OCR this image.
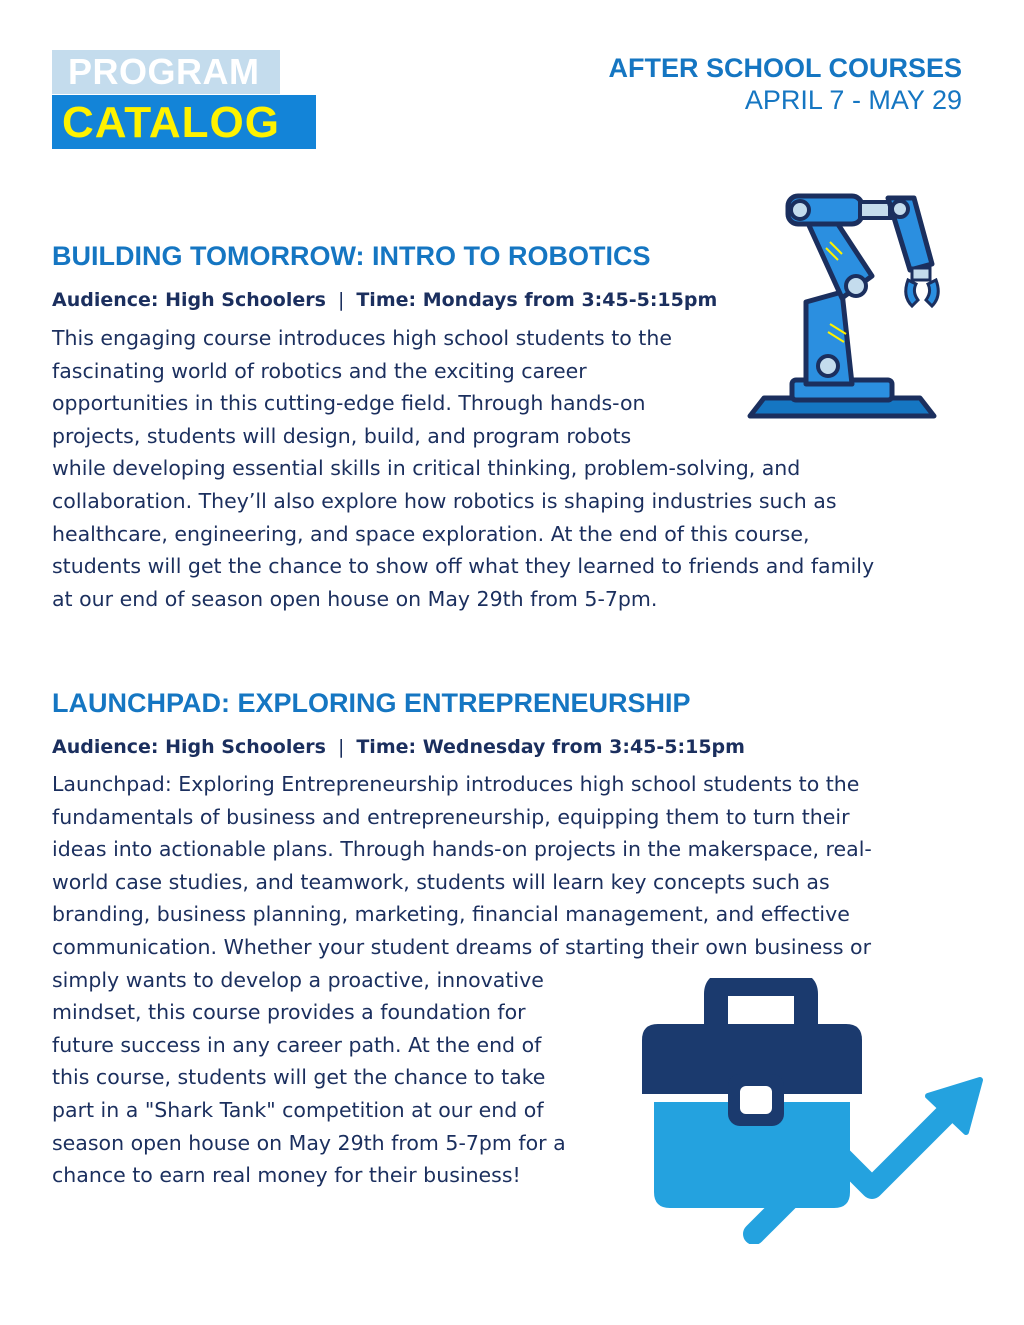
PROGRAM
CATALOG
AFTER SCHOOL COURSES
APRIL 7 - MAY 29
BUILDING TOMORROW: INTRO TO ROBOTICS

Audience: High Schoolers | Time: Mondays from 3:45-5:15pm

This engaging course introduces high school students to the
fascinating world of robotics and the exciting career
opportunities in this cutting-edge field. Through hands-on
projects, students will design, build, and program robots
while developing essential skills in critical thinking, problem-solving, and
collaboration. They’ll also explore how robotics is shaping industries such as
healthcare, engineering, and space exploration. At the end of this course,
students will get the chance to show off what they learned to friends and family
at our end of season open house on May 29th from 5-7pm.
LAUNCHPAD: EXPLORING ENTREPRENEURSHIP

Audience: High Schoolers | Time: Wednesday from 3:45-5:15pm

Launchpad: Exploring Entrepreneurship introduces high school students to the
fundamentals of business and entrepreneurship, equipping them to turn their
ideas into actionable plans. Through hands-on projects in the makerspace, real-
world case studies, and teamwork, students will learn key concepts such as
branding, business planning, marketing, financial management, and effective
communication. Whether your student dreams of starting their own business or
simply wants to develop a proactive, innovative
mindset, this course provides a foundation for
future success in any career path. At the end of
this course, students will get the chance to take
part in a "Shark Tank" competition at our end of
season open house on May 29th from 5-7pm for a
chance to earn real money for their business!
